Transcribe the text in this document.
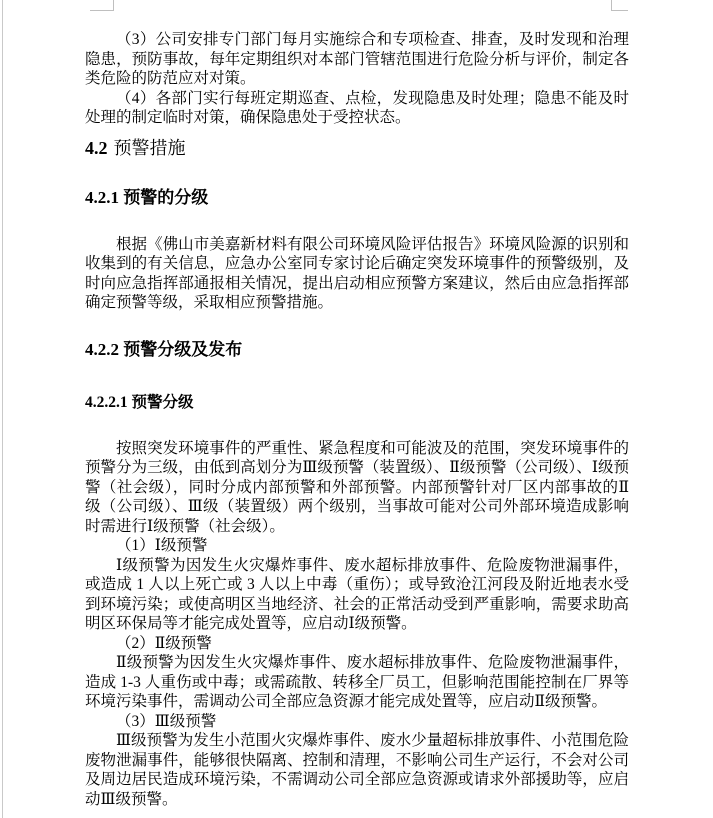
（3）公司安排专门部门每月实施综合和专项检查、排查，及时发现和治理隐患，预防事故，每年定期组织对本部门管辖范围进行危险分析与评价，制定各类危险的防范应对对策。

（4）各部门实行每班定期巡查、点检，发现隐患及时处理；隐患不能及时处理的制定临时对策，确保隐患处于受控状态。

4.2 预警措施
4.2.1 预警的分级

根据《佛山市美嘉新材料有限公司环境风险评估报告》环境风险源的识别和收集到的有关信息，应急办公室同专家讨论后确定突发环境事件的预警级别，及时向应急指挥部通报相关情况，提出启动相应预警方案建议，然后由应急指挥部确定预警等级，采取相应预警措施。

4.2.2 预警分级及发布
4.2.2.1 预警分级

按照突发环境事件的严重性、紧急程度和可能波及的范围，突发环境事件的预警分为三级，由低到高划分为Ⅲ级预警（装置级）、Ⅱ级预警（公司级）、Ⅰ级预警（社会级），同时分成内部预警和外部预警。内部预警针对厂区内部事故的Ⅱ级（公司级）、Ⅲ级（装置级）两个级别，当事故可能对公司外部环境造成影响时需进行Ⅰ级预警（社会级）。

（1）Ⅰ级预警

Ⅰ级预警为因发生火灾爆炸事件、废水超标排放事件、危险废物泄漏事件，或造成 1 人以上死亡或 3 人以上中毒（重伤）；或导致沧江河段及附近地表水受到环境污染；或使高明区当地经济、社会的正常活动受到严重影响，需要求助高明区环保局等才能完成处置等，应启动Ⅰ级预警。

（2）Ⅱ级预警

Ⅱ级预警为因发生火灾爆炸事件、废水超标排放事件、危险废物泄漏事件，造成 1-3 人重伤或中毒；或需疏散、转移全厂员工，但影响范围能控制在厂界等环境污染事件，需调动公司全部应急资源才能完成处置等，应启动Ⅱ级预警。

（3）Ⅲ级预警

Ⅲ级预警为发生小范围火灾爆炸事件、废水少量超标排放事件、小范围危险废物泄漏事件，能够很快隔离、控制和清理，不影响公司生产运行，不会对公司及周边居民造成环境污染，不需调动公司全部应急资源或请求外部援助等，应启动Ⅲ级预警。
